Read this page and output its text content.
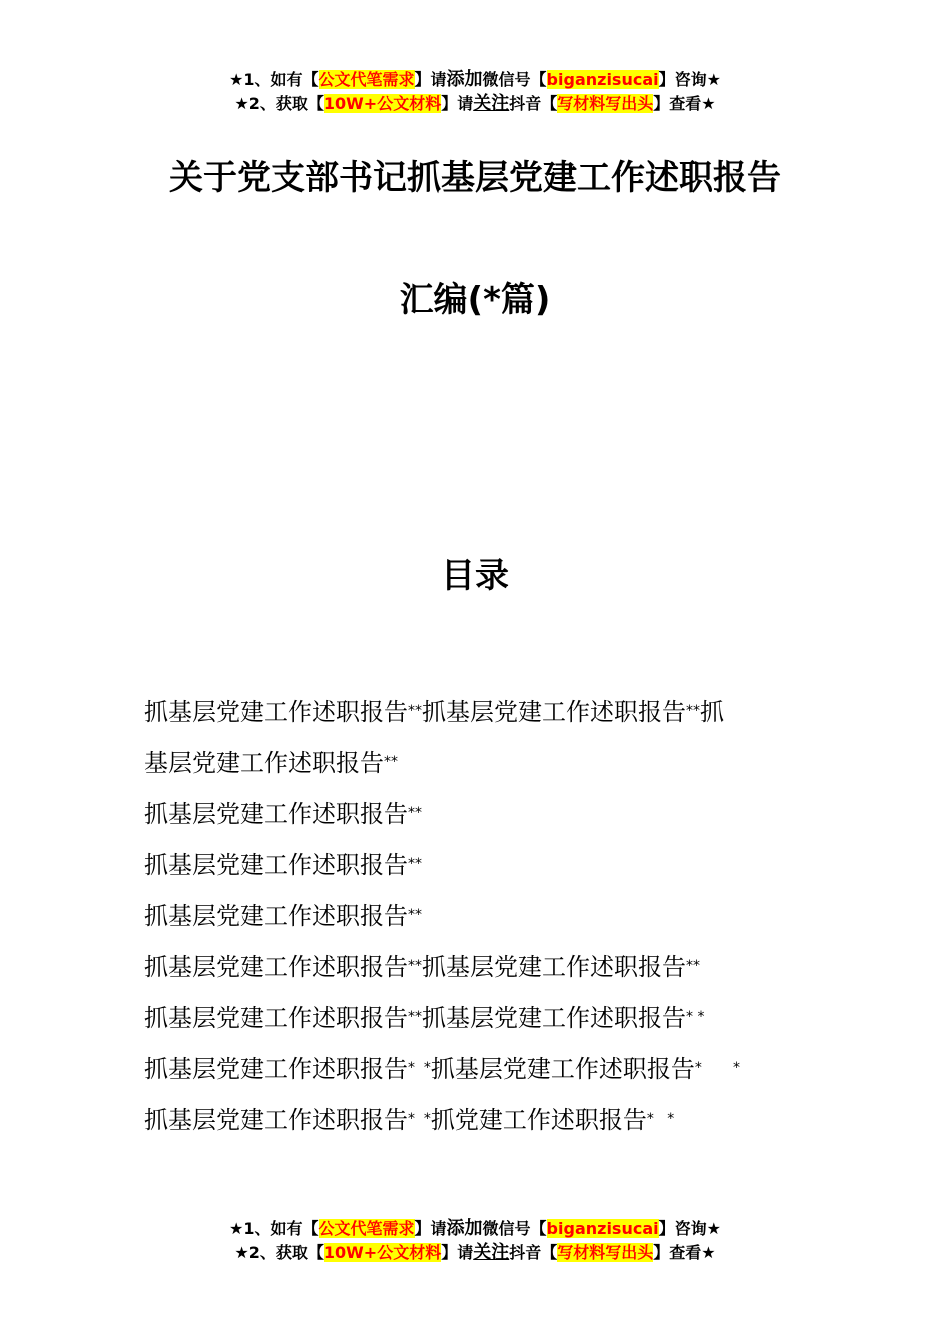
★1、如有【公文代笔需求】请添加微信号【biganzisucai】咨询★
★2、获取【10W+公文材料】请关注抖音【写材料写出头】查看★
关于党支部书记抓基层党建工作述职报告
汇编(*篇)
目录
抓基层党建工作述职报告**抓基层党建工作述职报告**抓
基层党建工作述职报告**
抓基层党建工作述职报告**
抓基层党建工作述职报告**
抓基层党建工作述职报告**
抓基层党建工作述职报告**抓基层党建工作述职报告**
抓基层党建工作述职报告**抓基层党建工作述职报告* *
抓基层党建工作述职报告*  *抓基层党建工作述职报告*       *
抓基层党建工作述职报告*  *抓党建工作述职报告*   *
★1、如有【公文代笔需求】请添加微信号【biganzisucai】咨询★
★2、获取【10W+公文材料】请关注抖音【写材料写出头】查看★
